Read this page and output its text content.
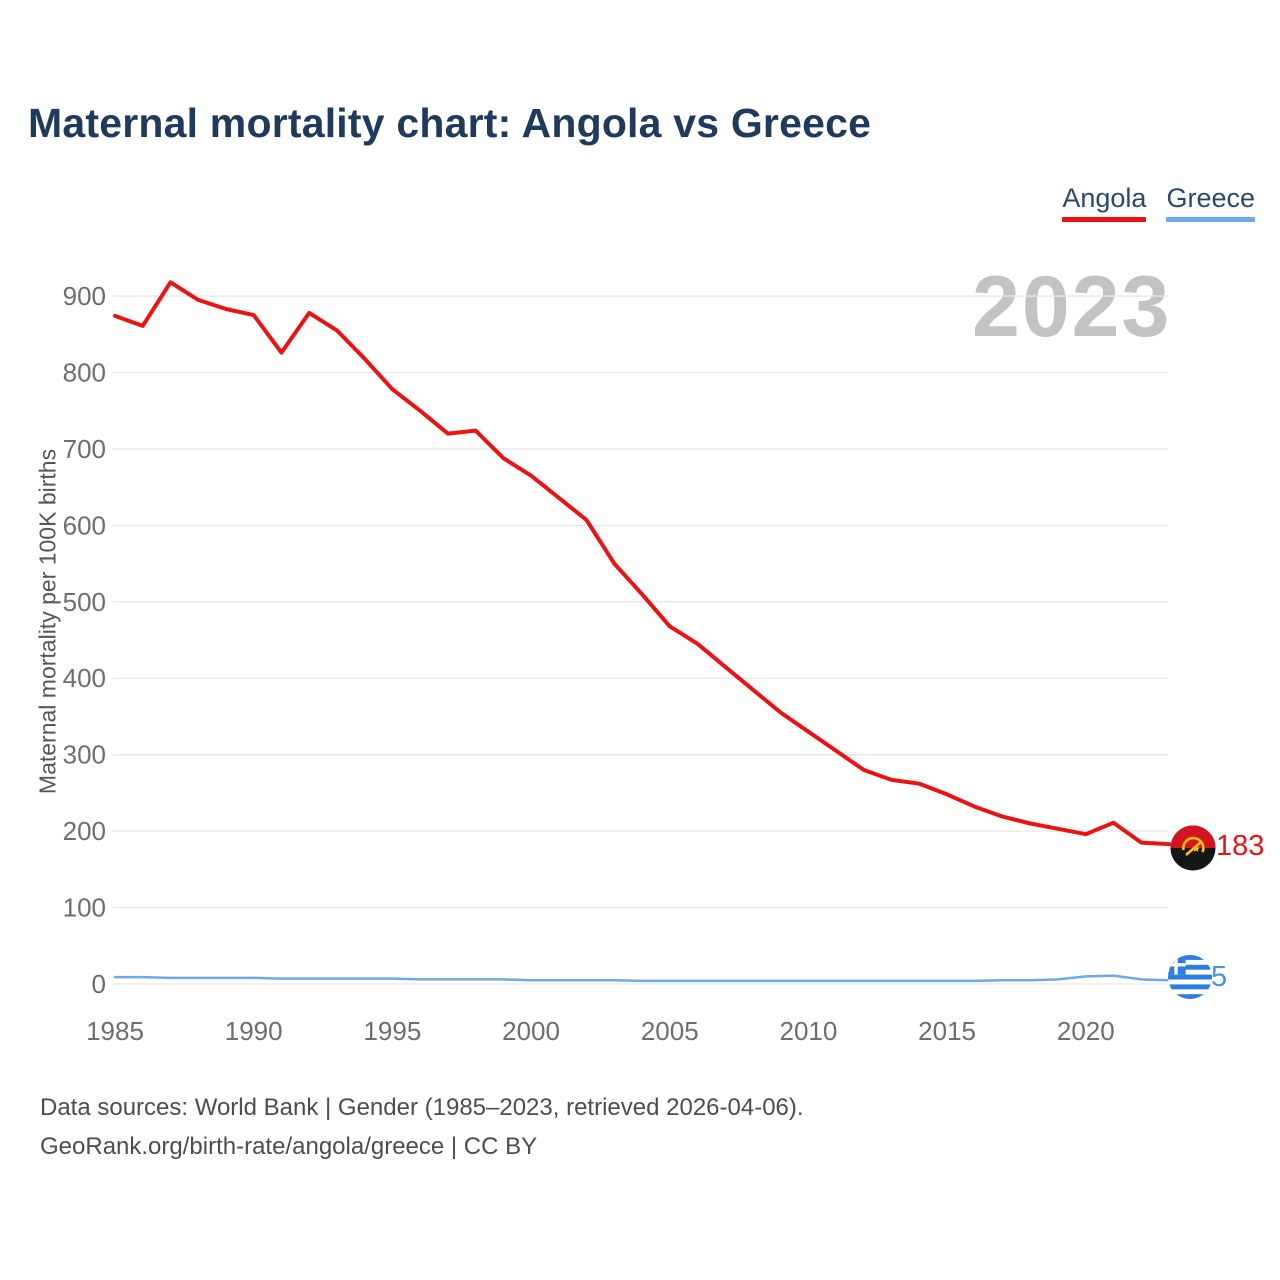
Maternal mortality chart: Angola vs Greece
Angola Greece
2023
Maternal mortality per 100K births
0
100
200
300
400
500
600
700
800
900
1985	1990	1995	2000	2005	2010	2015	2020
183
5
Data sources: World Bank | Gender (1985–2023, retrieved 2026-04-06).
GeoRank.org/birth-rate/angola/greece | CC BY
